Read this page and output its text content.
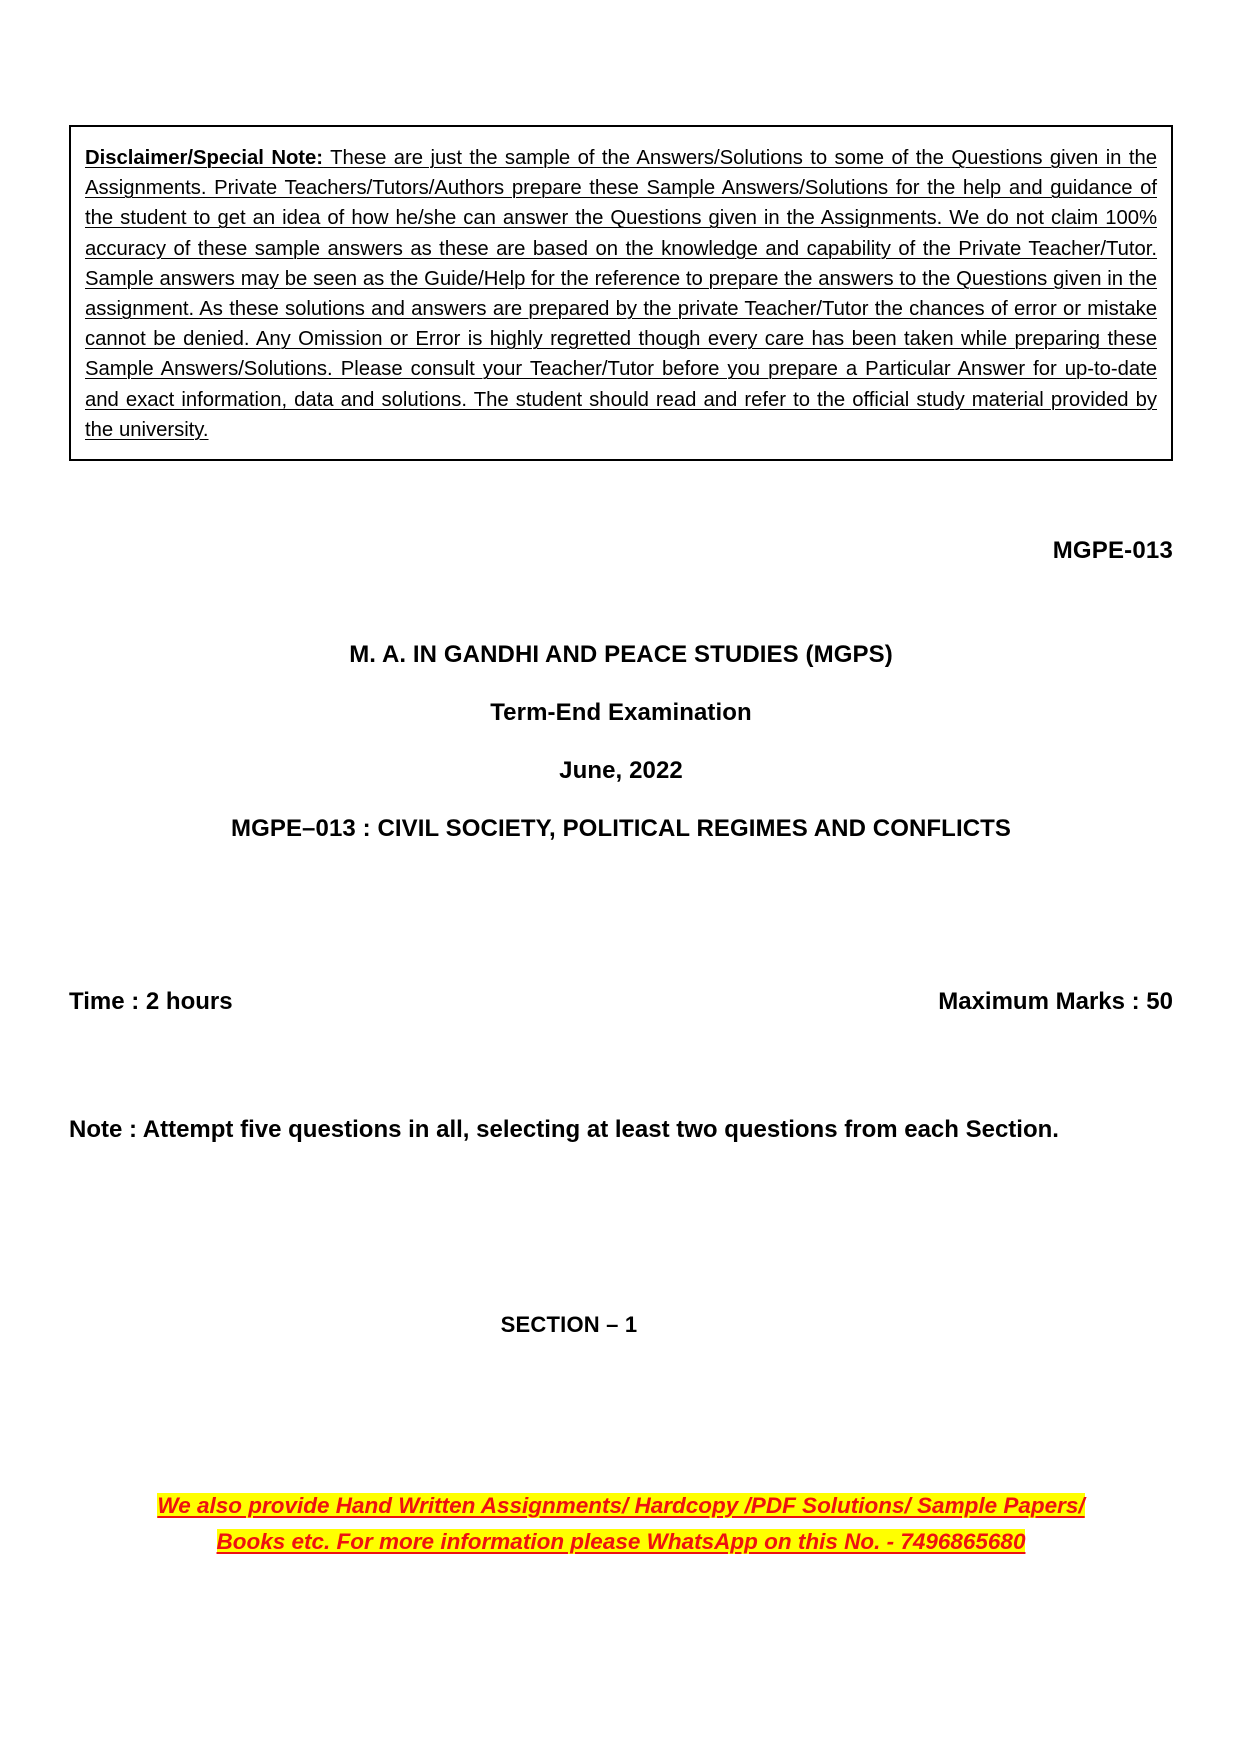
Disclaimer/Special Note: These are just the sample of the Answers/Solutions to some of the Questions given in the Assignments. Private Teachers/Tutors/Authors prepare these Sample Answers/Solutions for the help and guidance of the student to get an idea of how he/she can answer the Questions given in the Assignments. We do not claim 100% accuracy of these sample answers as these are based on the knowledge and capability of the Private Teacher/Tutor. Sample answers may be seen as the Guide/Help for the reference to prepare the answers to the Questions given in the assignment. As these solutions and answers are prepared by the private Teacher/Tutor the chances of error or mistake cannot be denied. Any Omission or Error is highly regretted though every care has been taken while preparing these Sample Answers/Solutions. Please consult your Teacher/Tutor before you prepare a Particular Answer for up-to-date and exact information, data and solutions. The student should read and refer to the official study material provided by the university.

MGPE-013
M. A. IN GANDHI AND PEACE STUDIES (MGPS)
Term-End Examination
June, 2022
MGPE–013 : CIVIL SOCIETY, POLITICAL REGIMES AND CONFLICTS
Time : 2 hours	Maximum Marks : 50
Note : Attempt five questions in all, selecting at least two questions from each Section.
SECTION – 1
We also provide Hand Written Assignments/ Hardcopy /PDF Solutions/ Sample Papers/
Books etc. For more information please WhatsApp on this No. - 7496865680
